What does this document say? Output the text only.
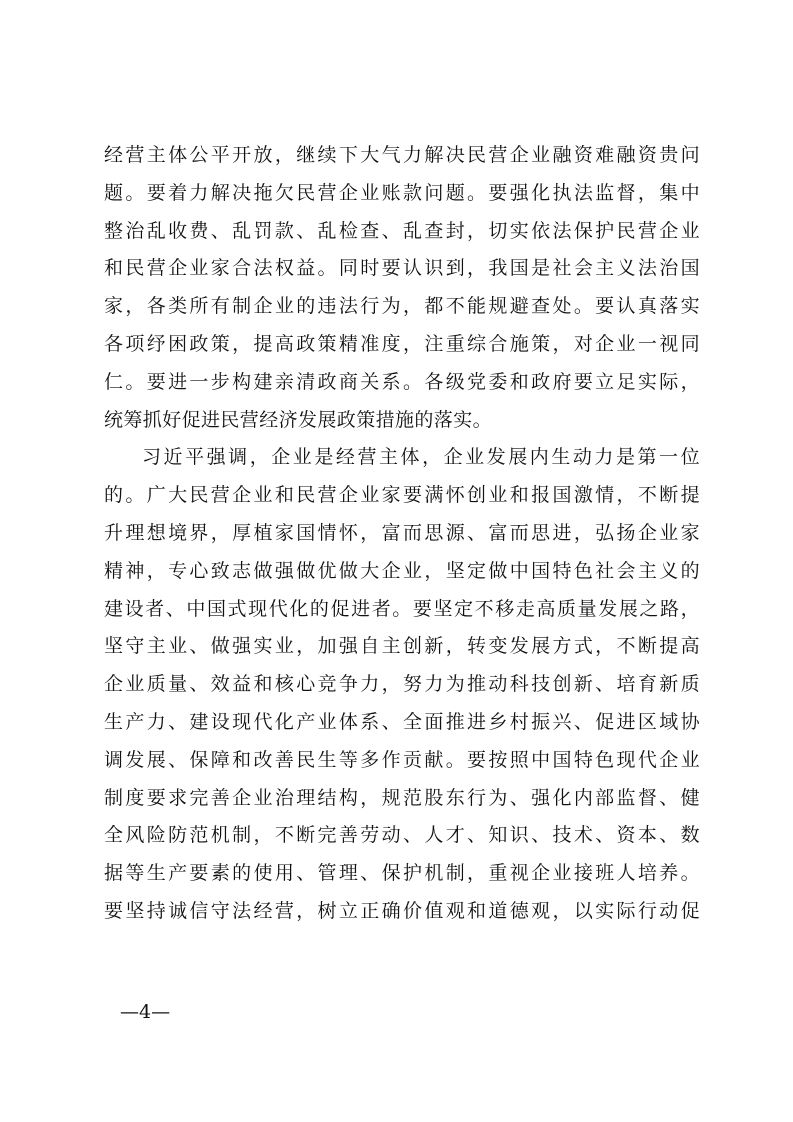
经营主体公平开放，继续下大气力解决民营企业融资难融资贵问
题。要着力解决拖欠民营企业账款问题。要强化执法监督，集中
整治乱收费、乱罚款、乱检查、乱查封，切实依法保护民营企业
和民营企业家合法权益。同时要认识到，我国是社会主义法治国
家，各类所有制企业的违法行为，都不能规避查处。要认真落实
各项纾困政策，提高政策精准度，注重综合施策，对企业一视同
仁。要进一步构建亲清政商关系。各级党委和政府要立足实际，
统筹抓好促进民营经济发展政策措施的落实。
习近平强调，企业是经营主体，企业发展内生动力是第一位
的。广大民营企业和民营企业家要满怀创业和报国激情，不断提
升理想境界，厚植家国情怀，富而思源、富而思进，弘扬企业家
精神，专心致志做强做优做大企业，坚定做中国特色社会主义的
建设者、中国式现代化的促进者。要坚定不移走高质量发展之路，
坚守主业、做强实业，加强自主创新，转变发展方式，不断提高
企业质量、效益和核心竞争力，努力为推动科技创新、培育新质
生产力、建设现代化产业体系、全面推进乡村振兴、促进区域协
调发展、保障和改善民生等多作贡献。要按照中国特色现代企业
制度要求完善企业治理结构，规范股东行为、强化内部监督、健
全风险防范机制，不断完善劳动、人才、知识、技术、资本、数
据等生产要素的使用、管理、保护机制，重视企业接班人培养。
要坚持诚信守法经营，树立正确价值观和道德观，以实际行动促
—4—
